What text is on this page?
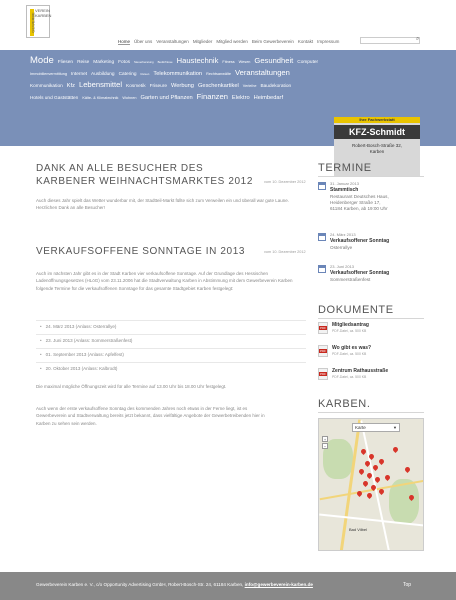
GEWERBE
VEREIN
KARBEN
Home Über uns Veranstaltungen Mitglieder Mitglied werden Beim Gewerbeverein Kontakt Impressum	⌕
Mode Fliesen Reise Marketing Fotos Steuerberatung Bedürfnisse Haustechnik Fitness Wesen Gesundheit ComputerImmobilienvermittlung Internet Ausbildung Catering Reisen Telekommunikation Rechtsanwälte VeranstaltungenKommunikation Kfz Lebensmittel Kosmetik Friseure Werbung Geschenkartikel Verleihe BaudekorationHotels und Gaststätten Kälte- & Klimatechnik Wohnen Garten und Pflanzen Finanzen Elektro Heimbedarf
Ihre Fachwerkstatt
KFZ-Schmidt
Robert-Bosch-Straße 32,
Karben
DANK AN ALLE BESUCHER DES KARBENER WEIHNACHTSMARKTES 2012	vom 10. Dezember 2012
Auch dieses Jahr spielt das Wetter wunderbar mit, der Stadtteil-Markt füllte sich zum Verweilen ein und überall war gute Laune. Herzlichen Dank an alle Besucher!
VERKAUFSOFFENE SONNTAGE IN 2013	vom 10. Dezember 2012
Auch im nächsten Jahr gibt es in der Stadt Karben vier verkaufsoffene Sonntage. Auf der Grundlage des Hessischen Ladenöffnungsgesetzes (HLöG) vom 23.11.2006 hat die Stadtverwaltung Karben in Abstimmung mit dem Gewerbeverein Karben folgende Termine für die verkaufsoffenen Sonntage für das gesamte Stadtgebiet Karben festgelegt:
• 24. März 2013 (Anlass: Osterrallye)
• 23. Juni 2013 (Anlass: Sommerstraßenfest)
• 01. September 2013 (Anlass: Apfelfest)
• 20. Oktober 2013 (Anlass: Kalbrodt)
Die maximal mögliche Öffnungszeit wird für alle Termine auf 13.00 Uhr bis 18.00 Uhr festgelegt.
Auch wenn der erste verkaufsoffene Sonntag des kommenden Jahres noch etwas in der Ferne liegt, ist es Gewerbeverein und Stadtverwaltung bereits jetzt bekannt, dass vielfältige Angebote der Gewerbetreibenden hier in Karben zu sehen sein werden.
TERMINE
31. Januar 2013
Stammtisch
Restaurant Deutsches Haus,
Heidenberger Straße 17,
61184 Karben, ab 19:00 Uhr
24. März 2013
Verkaufsoffener Sonntag
Osterrallye
23. Juni 2013
Verkaufsoffener Sonntag
Sommerstraßenfest
DOKUMENTE
PDF
Mitgliedsantrag
PDF-Datei, ca. 500 KB
PDF
Wo gibt es was?
PDF-Datei, ca. 500 KB
PDF
Zentrum Rathausstraße
PDF-Datei, ca. 500 KB
KARBEN.
Bad Vilbel
Karte	▼
+
−
Gewerbeverein Karben e. V., c/o Opportunity Advertising GmbH, Robert-Bosch-Str. 24, 61184 Karben, info@gewerbeverein-karben.de	Top
